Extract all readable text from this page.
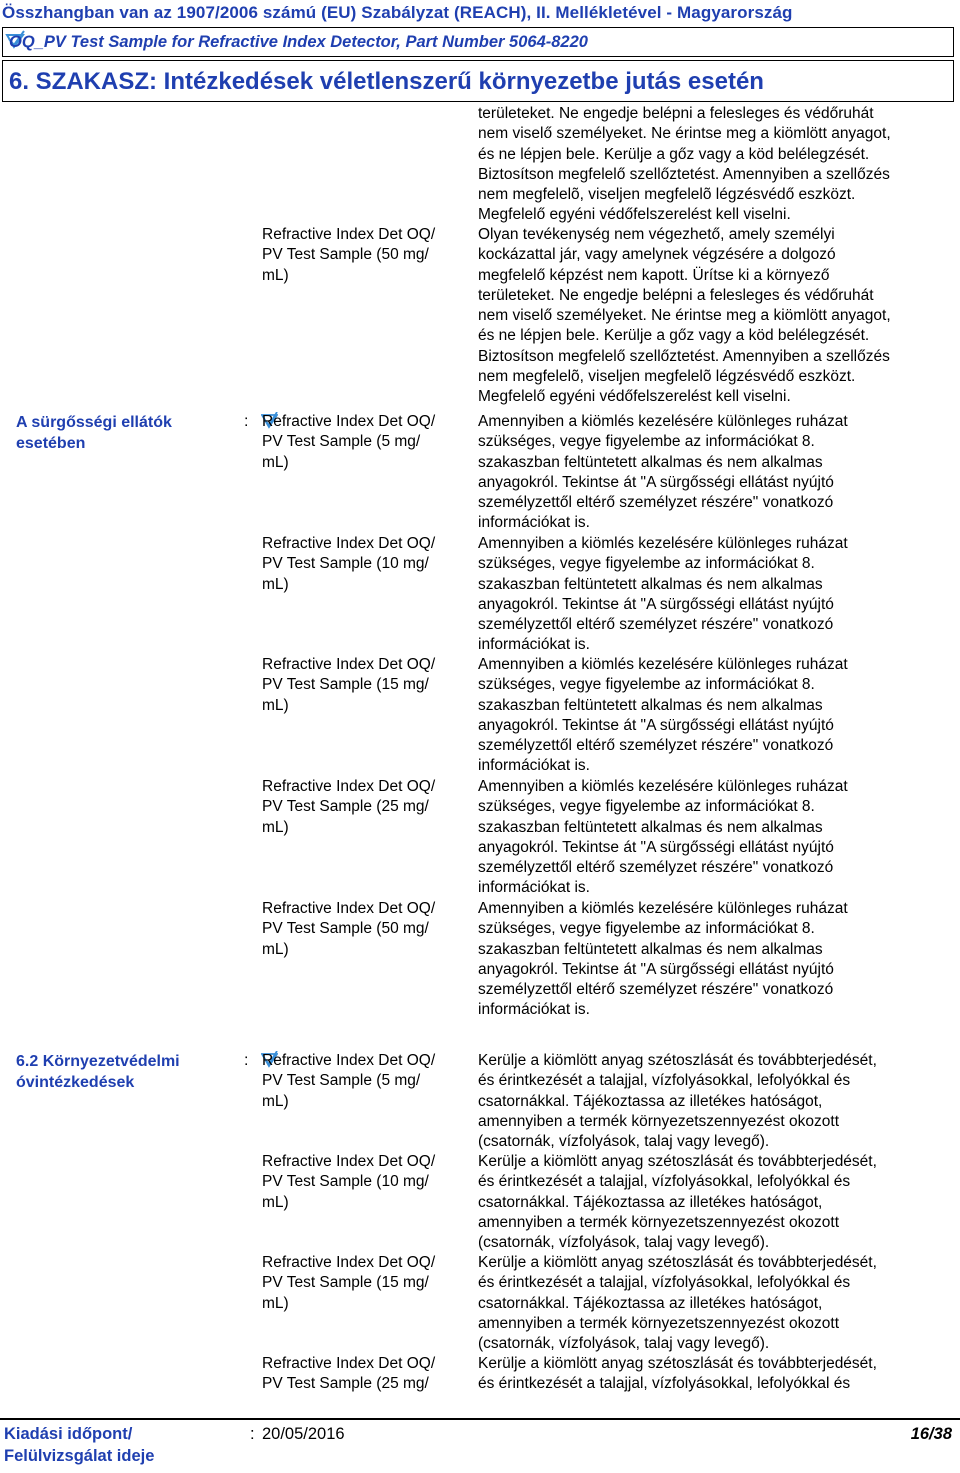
Összhangban van az 1907/2006 számú (EU) Szabályzat (REACH), II. Mellékletével - Magyarország
OQ_PV Test Sample for Refractive Index Detector, Part Number 5064-8220
6. SZAKASZ: Intézkedések véletlenszerű környezetbe jutás esetén
területeket. Ne engedje belépni a felesleges és védőruhát
nem viselő személyeket. Ne érintse meg a kiömlött anyagot,
és ne lépjen bele. Kerülje a gőz vagy a köd belélegzését.
Biztosítson megfelelő szellőztetést. Amennyiben a szellőzés
nem megfelelõ, viseljen megfelelõ légzésvédő eszközt.
Megfelelő egyéni védőfelszerelést kell viselni.
Refractive Index Det OQ/
PV Test Sample (50 mg/
mL)
Olyan tevékenység nem végezhető, amely személyi
kockázattal jár, vagy amelynek végzésére a dolgozó
megfelelő képzést nem kapott. Ürítse ki a környező
területeket. Ne engedje belépni a felesleges és védőruhát
nem viselő személyeket. Ne érintse meg a kiömlött anyagot,
és ne lépjen bele. Kerülje a gőz vagy a köd belélegzését.
Biztosítson megfelelő szellőztetést. Amennyiben a szellőzés
nem megfelelõ, viseljen megfelelõ légzésvédő eszközt.
Megfelelő egyéni védőfelszerelést kell viselni.
A sürgősségi ellátók
esetében
: Refractive Index Det OQ/
PV Test Sample (5 mg/
mL)
Amennyiben a kiömlés kezelésére különleges ruházat
szükséges, vegye figyelembe az információkat 8.
szakaszban feltüntetett alkalmas és nem alkalmas
anyagokról. Tekintse át "A sürgősségi ellátást nyújtó
személyzettől eltérő személyzet részére" vonatkozó
információkat is.
Refractive Index Det OQ/
PV Test Sample (10 mg/
mL)
Amennyiben a kiömlés kezelésére különleges ruházat
szükséges, vegye figyelembe az információkat 8.
szakaszban feltüntetett alkalmas és nem alkalmas
anyagokról. Tekintse át "A sürgősségi ellátást nyújtó
személyzettől eltérő személyzet részére" vonatkozó
információkat is.
Refractive Index Det OQ/
PV Test Sample (15 mg/
mL)
Amennyiben a kiömlés kezelésére különleges ruházat
szükséges, vegye figyelembe az információkat 8.
szakaszban feltüntetett alkalmas és nem alkalmas
anyagokról. Tekintse át "A sürgősségi ellátást nyújtó
személyzettől eltérő személyzet részére" vonatkozó
információkat is.
Refractive Index Det OQ/
PV Test Sample (25 mg/
mL)
Amennyiben a kiömlés kezelésére különleges ruházat
szükséges, vegye figyelembe az információkat 8.
szakaszban feltüntetett alkalmas és nem alkalmas
anyagokról. Tekintse át "A sürgősségi ellátást nyújtó
személyzettől eltérő személyzet részére" vonatkozó
információkat is.
Refractive Index Det OQ/
PV Test Sample (50 mg/
mL)
Amennyiben a kiömlés kezelésére különleges ruházat
szükséges, vegye figyelembe az információkat 8.
szakaszban feltüntetett alkalmas és nem alkalmas
anyagokról. Tekintse át "A sürgősségi ellátást nyújtó
személyzettől eltérő személyzet részére" vonatkozó
információkat is.
6.2 Környezetvédelmi
óvintézkedések
: Refractive Index Det OQ/
PV Test Sample (5 mg/
mL)
Kerülje a kiömlött anyag szétoszlását és továbbterjedését,
és érintkezését a talajjal, vízfolyásokkal, lefolyókkal és
csatornákkal. Tájékoztassa az illetékes hatóságot,
amennyiben a termék környezetszennyezést okozott
(csatornák, vízfolyások, talaj vagy levegő).
Refractive Index Det OQ/
PV Test Sample (10 mg/
mL)
Kerülje a kiömlött anyag szétoszlását és továbbterjedését,
és érintkezését a talajjal, vízfolyásokkal, lefolyókkal és
csatornákkal. Tájékoztassa az illetékes hatóságot,
amennyiben a termék környezetszennyezést okozott
(csatornák, vízfolyások, talaj vagy levegő).
Refractive Index Det OQ/
PV Test Sample (15 mg/
mL)
Kerülje a kiömlött anyag szétoszlását és továbbterjedését,
és érintkezését a talajjal, vízfolyásokkal, lefolyókkal és
csatornákkal. Tájékoztassa az illetékes hatóságot,
amennyiben a termék környezetszennyezést okozott
(csatornák, vízfolyások, talaj vagy levegő).
Refractive Index Det OQ/
PV Test Sample (25 mg/
Kerülje a kiömlött anyag szétoszlását és továbbterjedését,
és érintkezését a talajjal, vízfolyásokkal, lefolyókkal és
Kiadási időpont/
Felülvizsgálat ideje
: 20/05/2016	16/38
